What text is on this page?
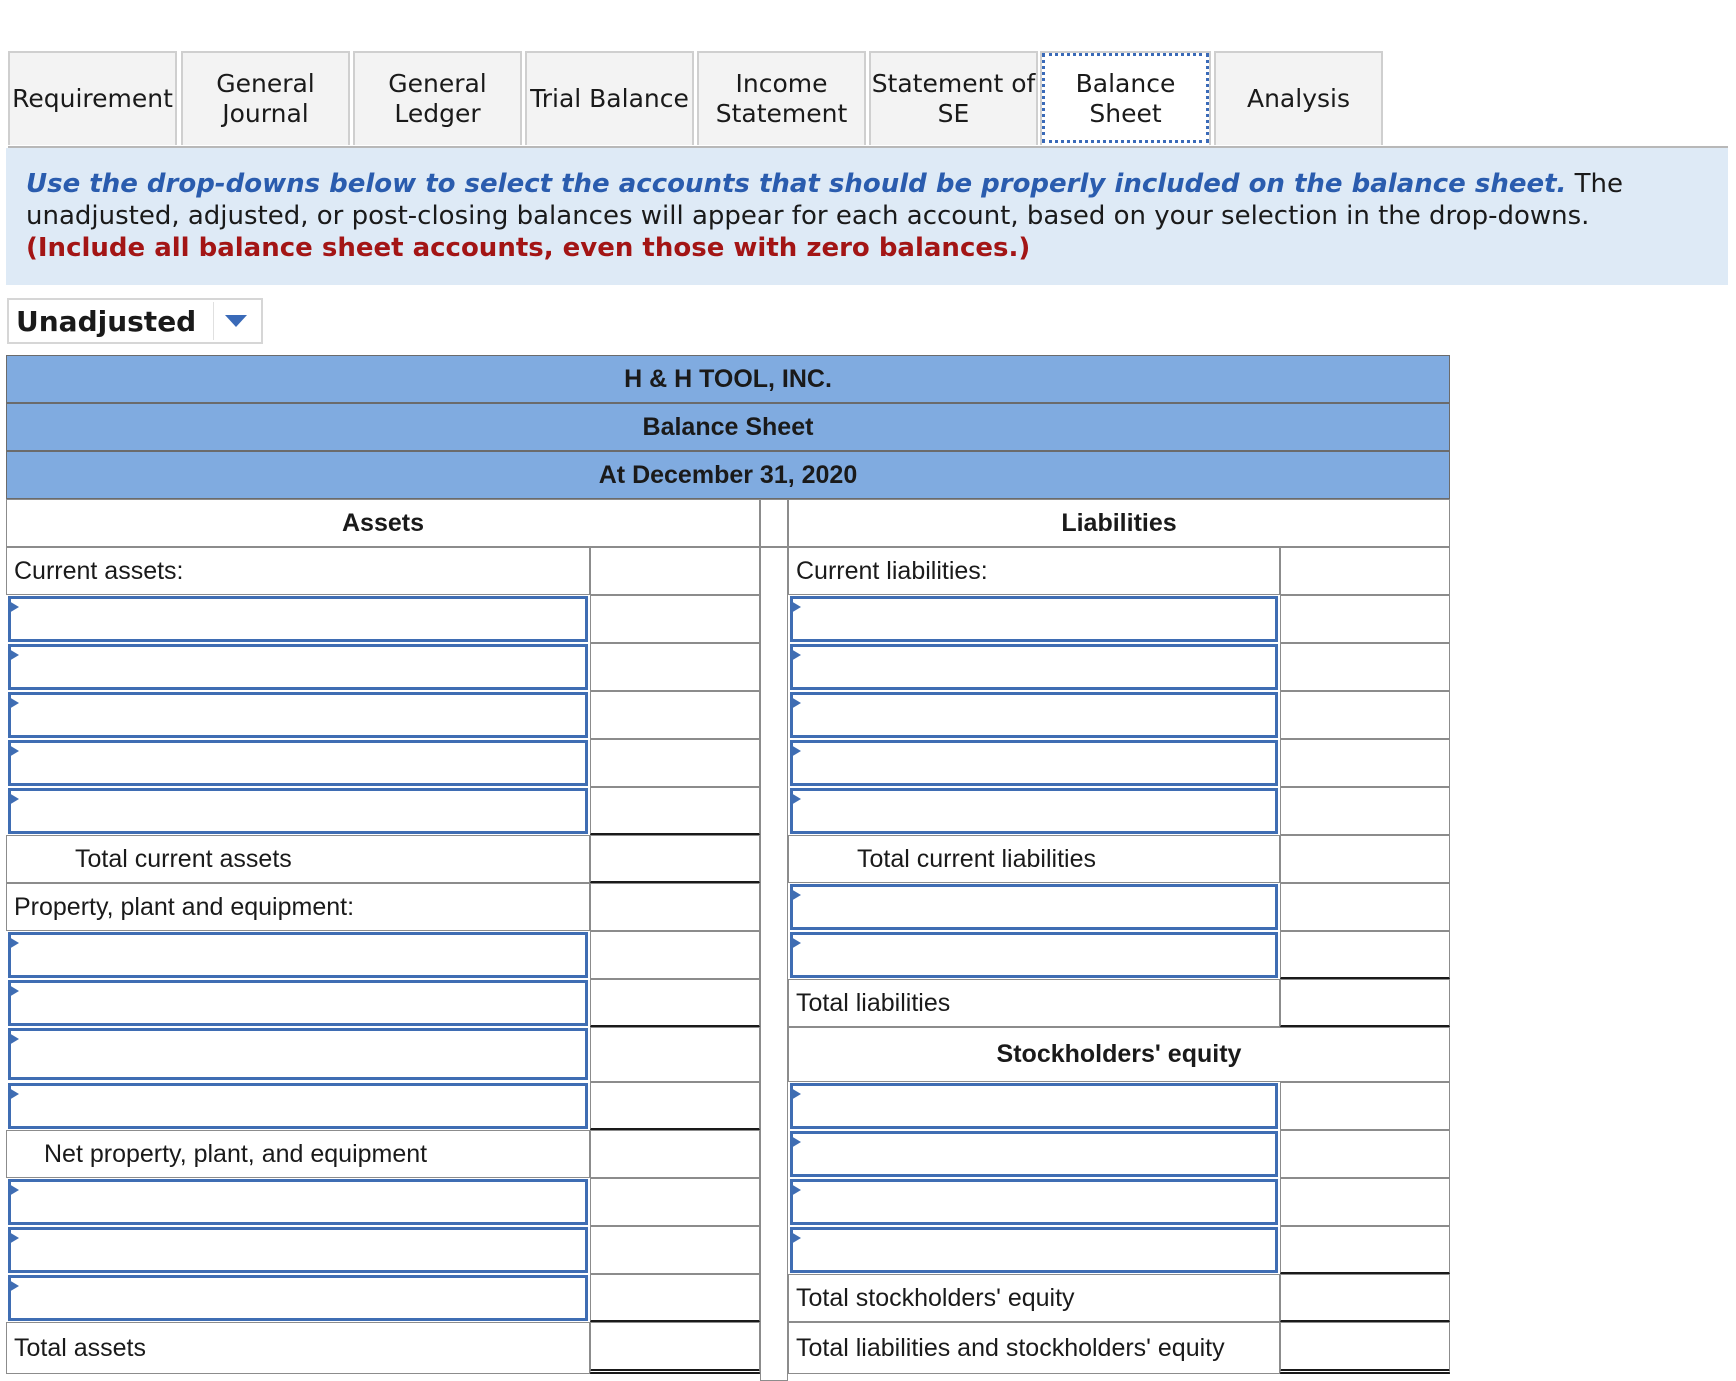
Requirement
General
Journal
General
Ledger
Trial Balance
Income
Statement
Statement of
SE
Balance Sheet
Analysis
Use the drop-downs below to select the accounts that should be properly included on the balance sheet. The unadjusted, adjusted, or post-closing balances will appear for each account, based on your selection in the drop-downs.
(Include all balance sheet accounts, even those with zero balances.)
Unadjusted
H & H TOOL, INC.
Balance Sheet
At December 31, 2020
Assets	Liabilities
Current assets:
Total current assets
Property, plant and equipment:
Net property, plant, and equipment
Total assets
Current liabilities:
Total current liabilities
Total liabilities
Stockholders' equity
Total stockholders' equity
Total liabilities and stockholders' equity
